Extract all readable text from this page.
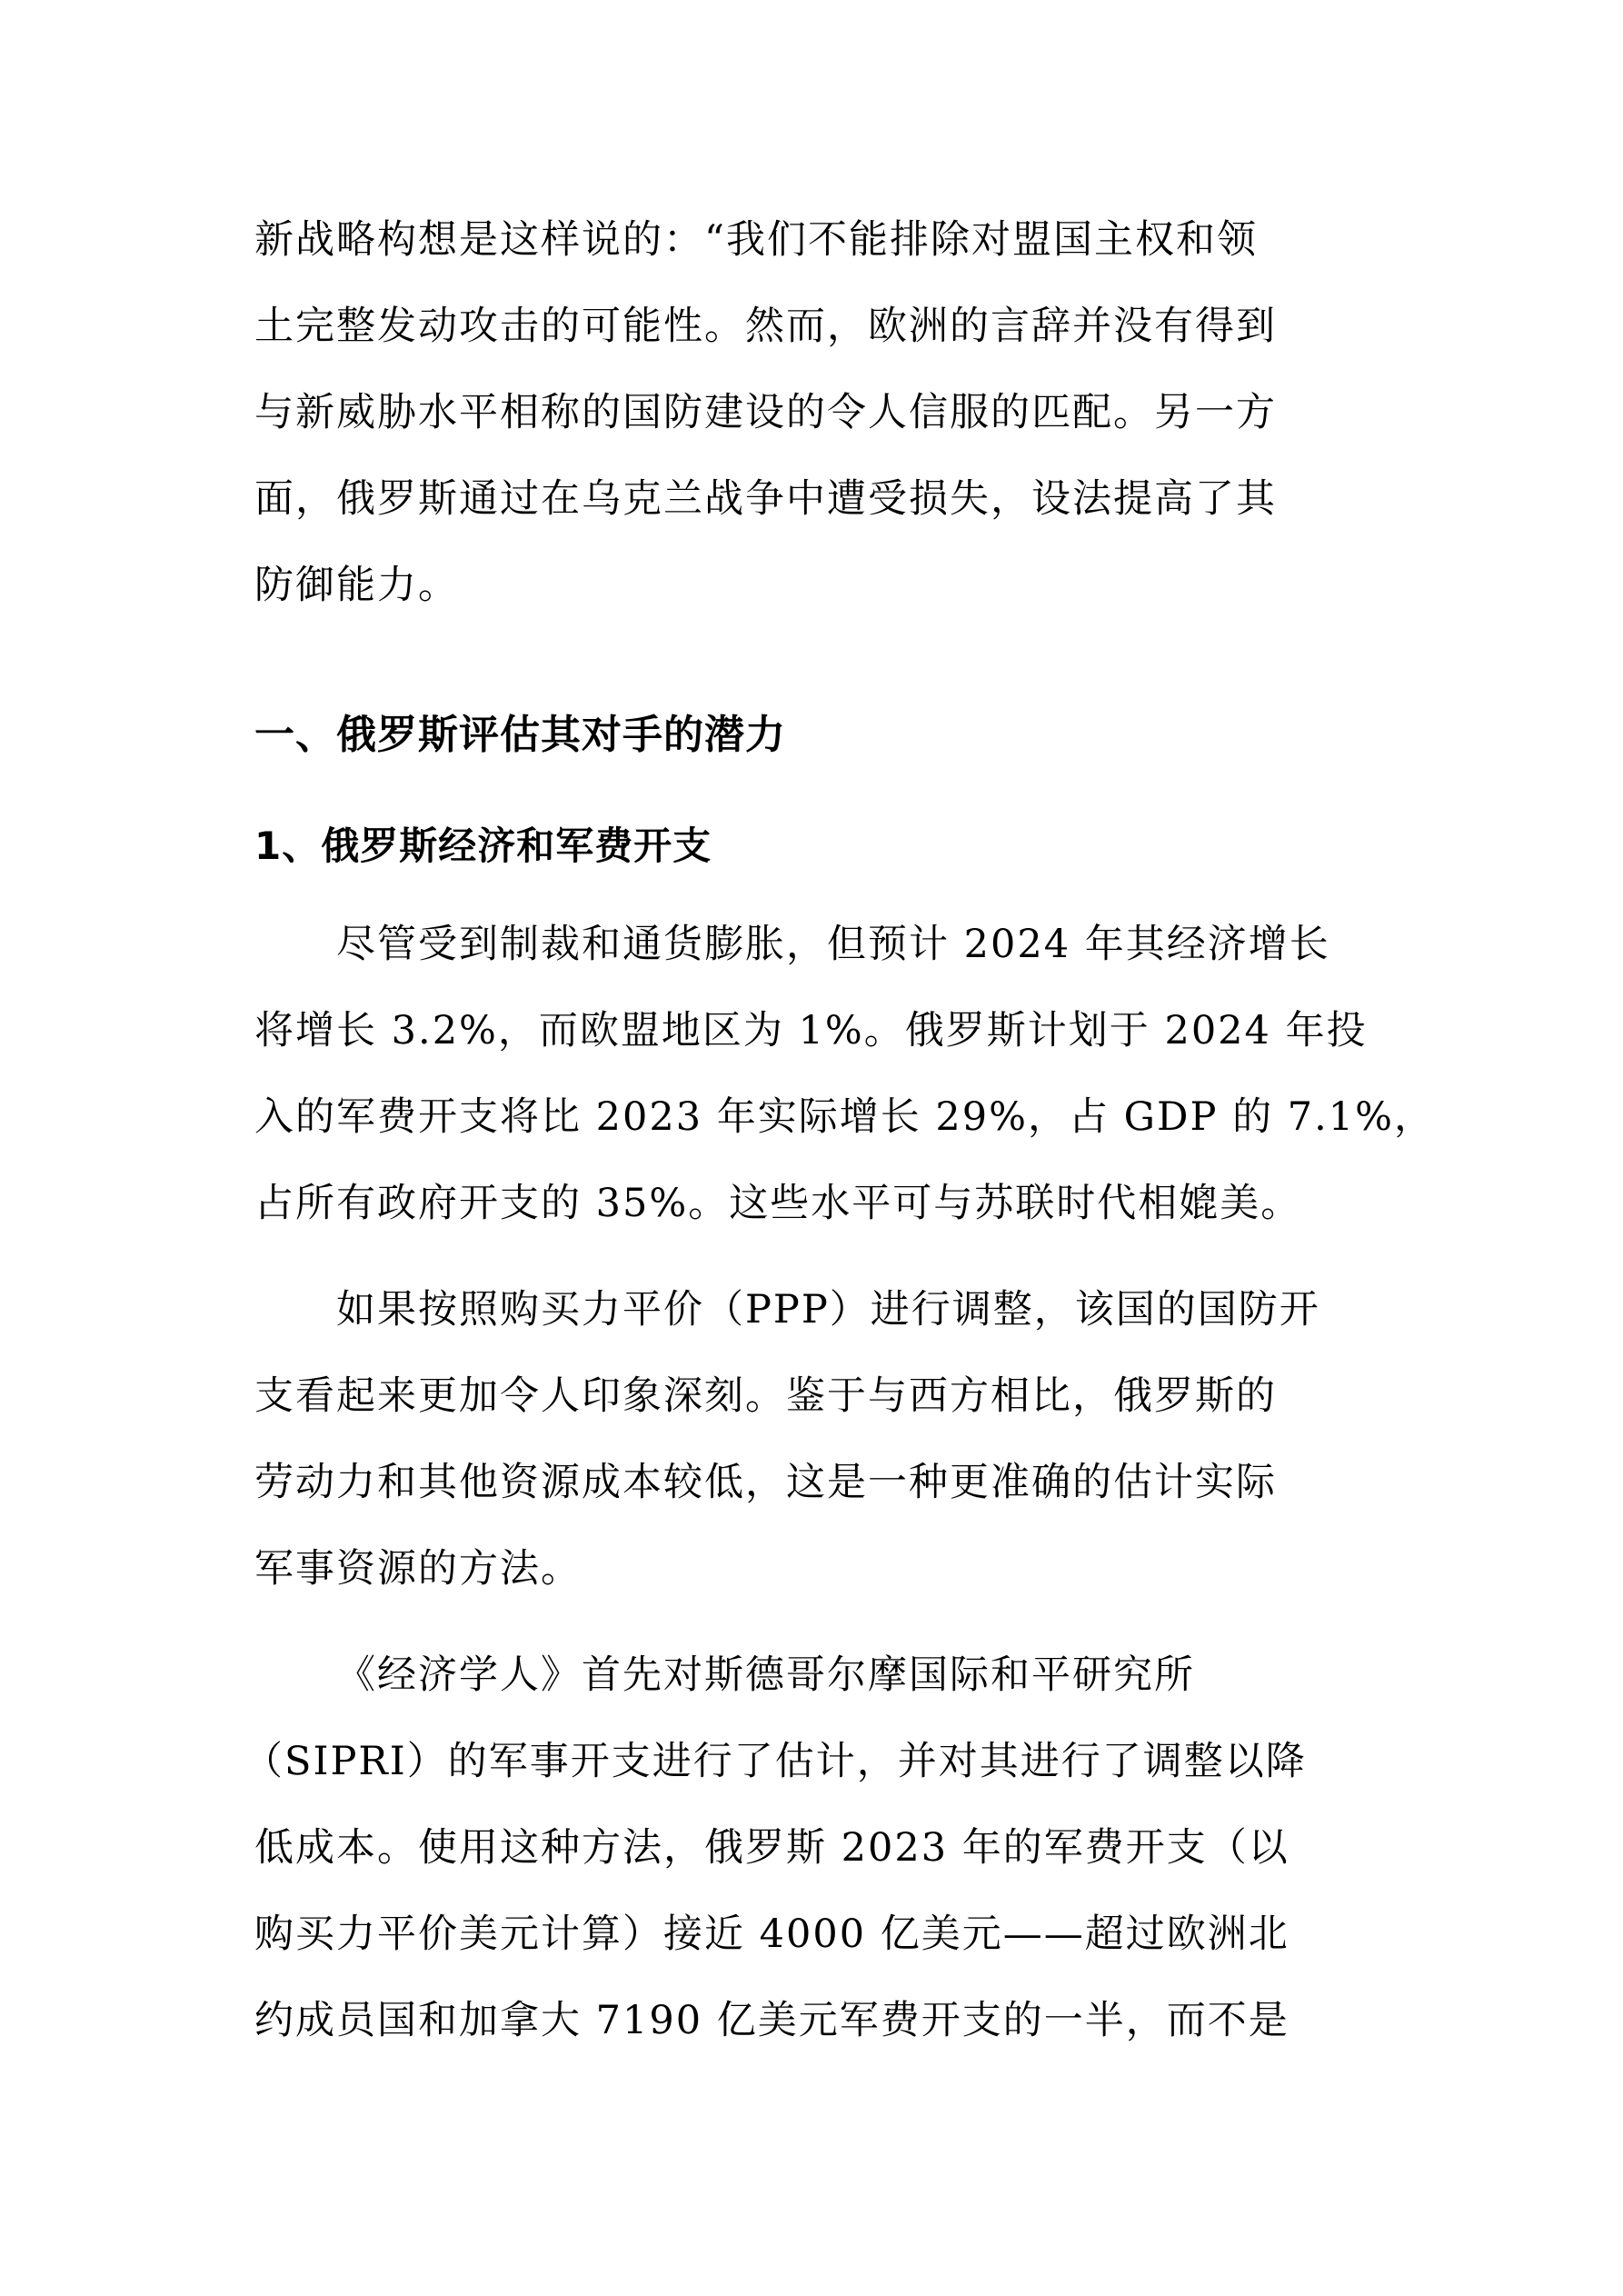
新战略构想是这样说的：“我们不能排除对盟国主权和领
土完整发动攻击的可能性。然而，欧洲的言辞并没有得到
与新威胁水平相称的国防建设的令人信服的匹配。另一方
面，俄罗斯通过在乌克兰战争中遭受损失，设法提高了其
防御能力。
一、俄罗斯评估其对手的潜力
1、俄罗斯经济和军费开支
尽管受到制裁和通货膨胀，但预计 2024 年其经济增长
将增长 3.2%，而欧盟地区为 1%。俄罗斯计划于 2024 年投
入的军费开支将比 2023 年实际增长 29%，占 GDP 的 7.1%，
占所有政府开支的 35%。这些水平可与苏联时代相媲美。
如果按照购买力平价（PPP）进行调整，该国的国防开
支看起来更加令人印象深刻。鉴于与西方相比，俄罗斯的
劳动力和其他资源成本较低，这是一种更准确的估计实际
军事资源的方法。
《经济学人》首先对斯德哥尔摩国际和平研究所
（SIPRI）的军事开支进行了估计，并对其进行了调整以降
低成本。使用这种方法，俄罗斯 2023 年的军费开支（以
购买力平价美元计算）接近 4000 亿美元——超过欧洲北
约成员国和加拿大 7190 亿美元军费开支的一半，而不是
